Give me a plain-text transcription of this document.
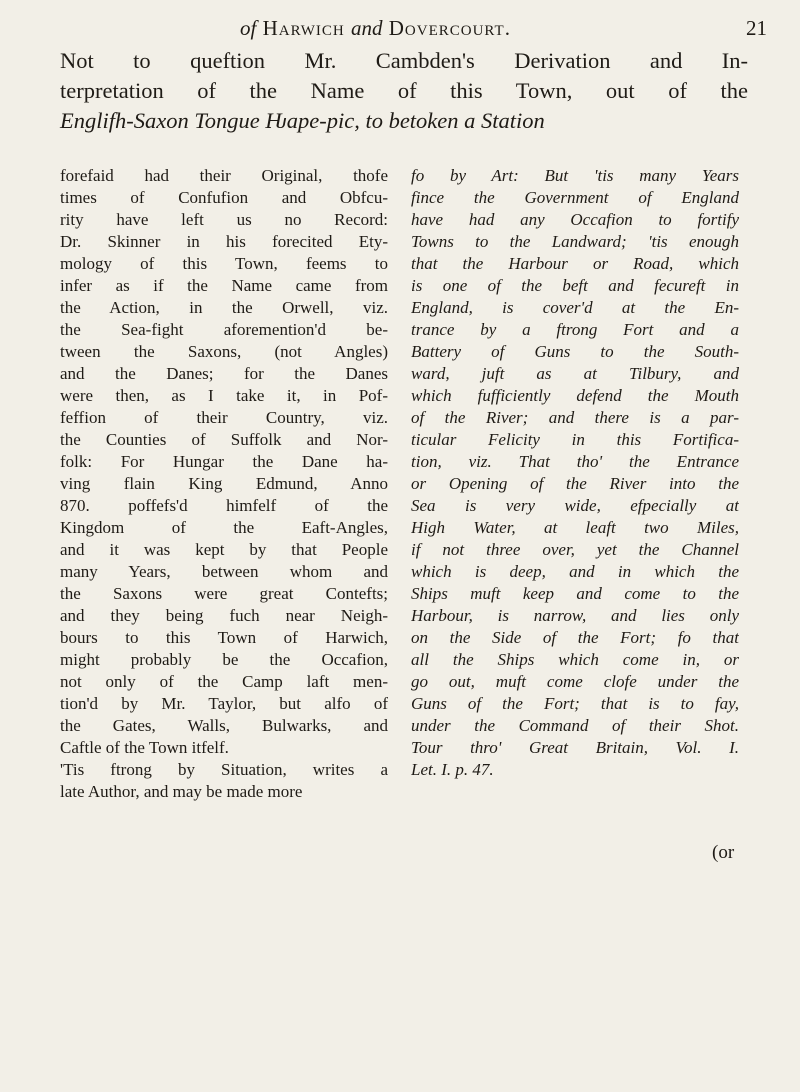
of Harwich and Dovercourt.	21
Not to queftion Mr. Cambden's Derivation and In-
terpretation of the Name of this Town, out of the
Englifh-Saxon Tongue Ƕape-pic, to betoken a Station
forefaid had their Original, thofe
times of Confufion and Obfcu-
rity have left us no Record:
Dr. Skinner in his forecited Ety-
mology of this Town, feems to
infer as if the Name came from
the Action, in the Orwell, viz.
the Sea-fight aforemention'd be-
tween the Saxons, (not Angles)
and the Danes; for the Danes
were then, as I take it, in Pof-
feffion of their Country, viz.
the Counties of Suffolk and Nor-
folk: For Hungar the Dane ha-
ving flain King Edmund, Anno
870. poffefs'd himfelf of the
Kingdom of the Eaft-Angles,
and it was kept by that People
many Years, between whom and
the Saxons were great Contefts;
and they being fuch near Neigh-
bours to this Town of Harwich,
might probably be the Occafion,
not only of the Camp laft men-
tion'd by Mr. Taylor, but alfo of
the Gates, Walls, Bulwarks, and
Caftle of the Town itfelf.
'Tis ftrong by Situation, writes a
late Author, and may be made more
fo by Art: But 'tis many Years
fince the Government of England
have had any Occafion to fortify
Towns to the Landward; 'tis enough
that the Harbour or Road, which
is one of the beft and fecureft in
England, is cover'd at the En-
trance by a ftrong Fort and a
Battery of Guns to the South-
ward, juft as at Tilbury, and
which fufficiently defend the Mouth
of the River; and there is a par-
ticular Felicity in this Fortifica-
tion, viz. That tho' the Entrance
or Opening of the River into the
Sea is very wide, efpecially at
High Water, at leaft two Miles,
if not three over, yet the Channel
which is deep, and in which the
Ships muft keep and come to the
Harbour, is narrow, and lies only
on the Side of the Fort; fo that
all the Ships which come in, or
go out, muft come clofe under the
Guns of the Fort; that is to fay,
under the Command of their Shot.
Tour thro' Great Britain, Vol. I.
Let. I. p. 47.
(or
